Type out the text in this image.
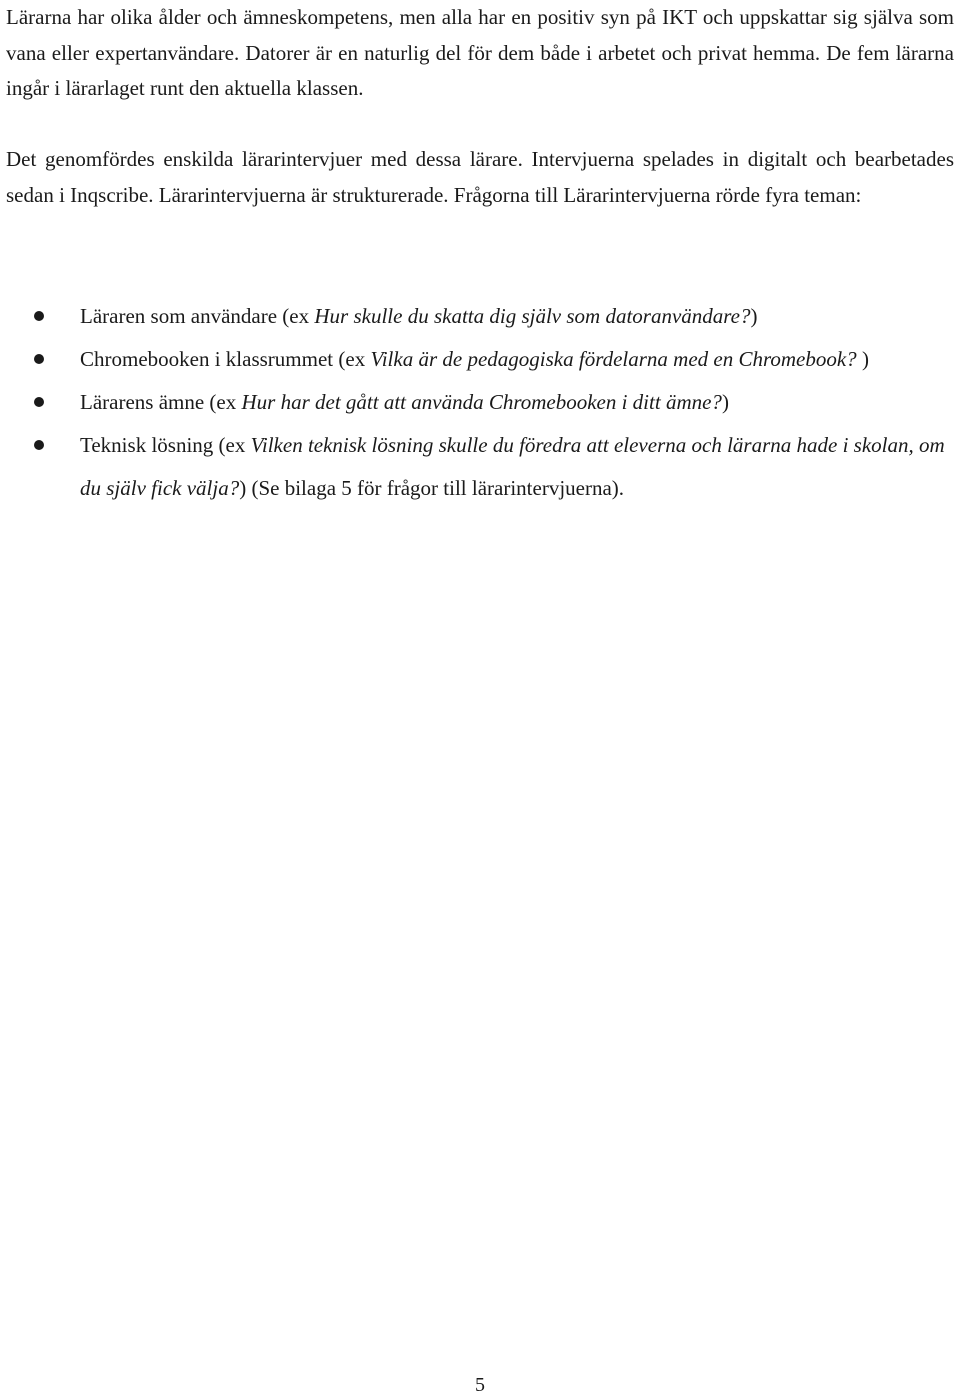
Lärarna har olika ålder och ämneskompetens, men alla har en positiv syn på IKT och uppskattar sig själva som vana eller expertanvändare. Datorer är en naturlig del för dem både i arbetet och privat hemma. De fem lärarna ingår i lärarlaget runt den aktuella klassen.

Det genomfördes enskilda lärarintervjuer med dessa lärare. Intervjuerna spelades in digitalt och bearbetades sedan i Inqscribe. Lärarintervjuerna är strukturerade. Frågorna till Lärarintervjuerna rörde fyra teman:

Läraren som användare (ex Hur skulle du skatta dig själv som datoranvändare?)
Chromebooken i klassrummet (ex Vilka är de pedagogiska fördelarna med en Chromebook? )
Lärarens ämne (ex Hur har det gått att använda Chromebooken i ditt ämne?)
Teknisk lösning (ex Vilken teknisk lösning skulle du föredra att eleverna och lärarna hade i skolan, om du själv fick välja?) (Se bilaga 5 för frågor till lärarintervjuerna).
5
